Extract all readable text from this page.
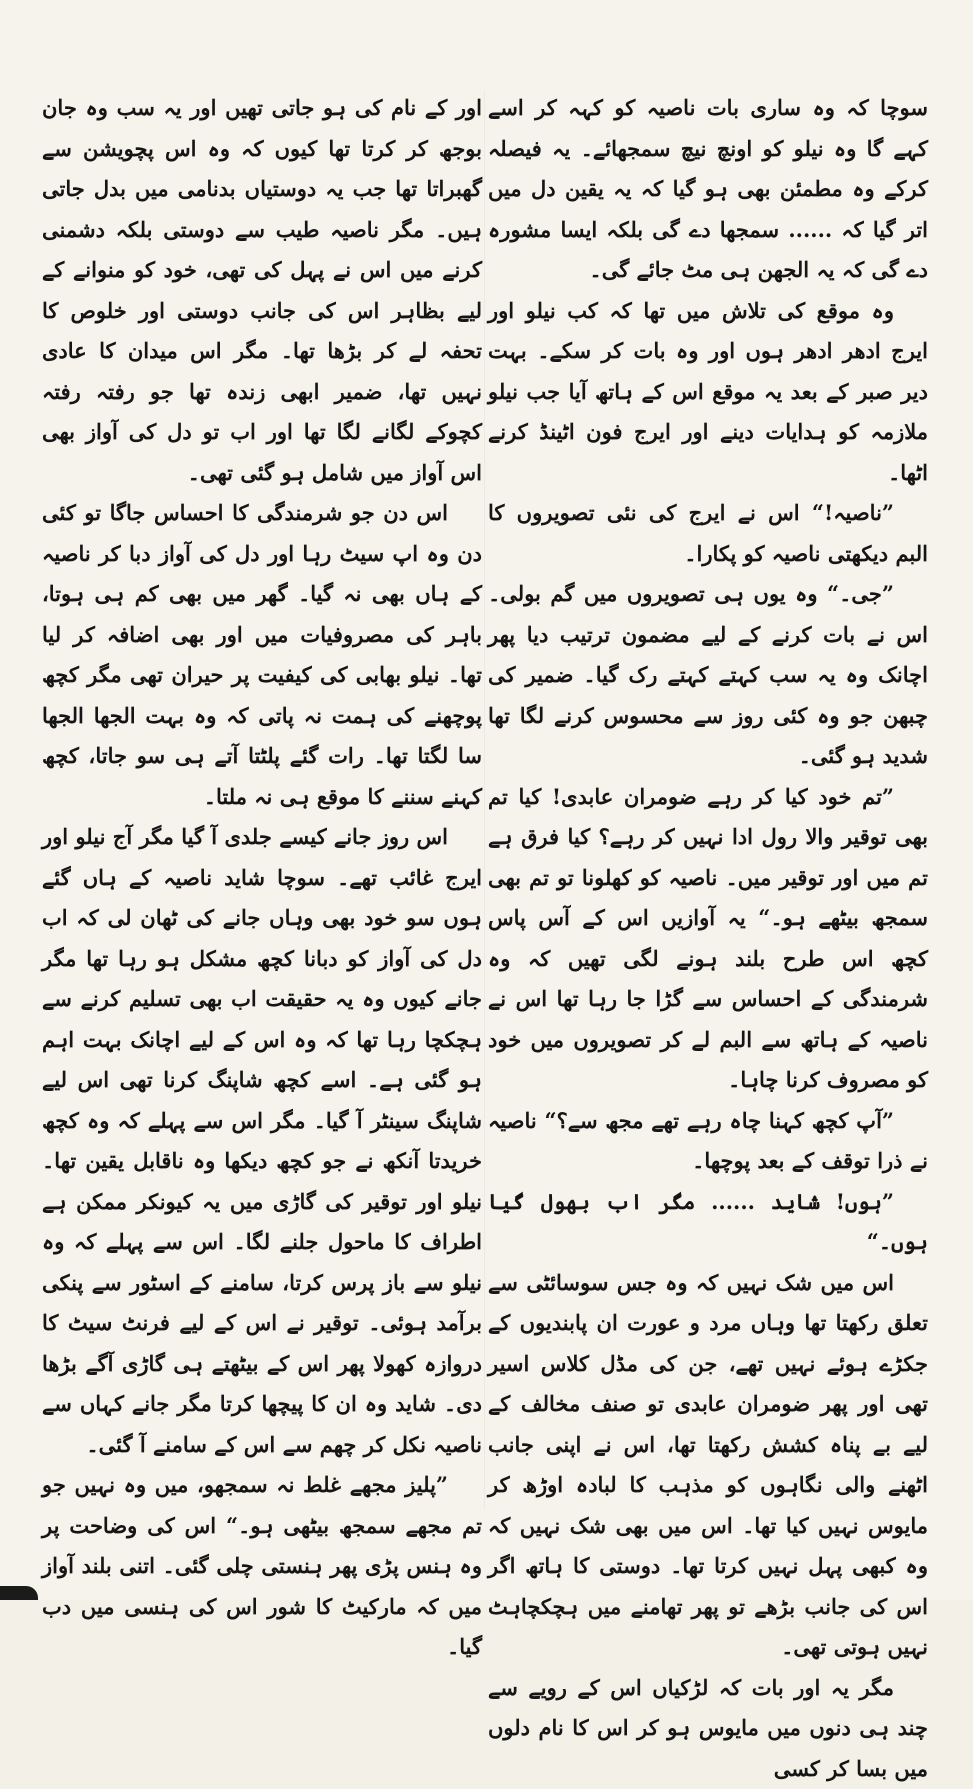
سوچا کہ وہ ساری بات ناصیہ کو کہہ کر اسے کہے گا وہ نیلو کو اونچ نیچ سمجھائے۔ یہ فیصلہ کرکے وہ مطمئن بھی ہو گیا کہ یہ یقین دل میں اتر گیا کہ ...... سمجھا دے گی بلکہ ایسا مشورہ دے گی کہ یہ الجھن ہی مٹ جائے گی۔

وہ موقع کی تلاش میں تھا کہ کب نیلو اور ایرج ادھر ادھر ہوں اور وہ بات کر سکے۔ بہت دیر صبر کے بعد یہ موقع اس کے ہاتھ آیا جب نیلو ملازمہ کو ہدایات دینے اور ایرج فون اٹینڈ کرنے اٹھا۔

”ناصیہ!“ اس نے ایرج کی نئی تصویروں کا البم دیکھتی ناصیہ کو پکارا۔

”جی۔“ وہ یوں ہی تصویروں میں گم بولی۔ اس نے بات کرنے کے لیے مضمون ترتیب دیا پھر اچانک وہ یہ سب کہتے کہتے رک گیا۔ ضمیر کی چبھن جو وہ کئی روز سے محسوس کرنے لگا تھا شدید ہو گئی۔

”تم خود کیا کر رہے ضومران عابدی! کیا تم بھی توقیر والا رول ادا نہیں کر رہے؟ کیا فرق ہے تم میں اور توقیر میں۔ ناصیہ کو کھلونا تو تم بھی سمجھ بیٹھے ہو۔“ یہ آوازیں اس کے آس پاس کچھ اس طرح بلند ہونے لگی تھیں کہ وہ شرمندگی کے احساس سے گڑا جا رہا تھا اس نے ناصیہ کے ہاتھ سے البم لے کر تصویروں میں خود کو مصروف کرنا چاہا۔

”آپ کچھ کہنا چاہ رہے تھے مجھ سے؟“ ناصیہ نے ذرا توقف کے بعد پوچھا۔

”ہوں! شاید ...... مگر اب بھول گیا ہوں۔“

اس میں شک نہیں کہ وہ جس سوسائٹی سے تعلق رکھتا تھا وہاں مرد و عورت ان پابندیوں کے جکڑے ہوئے نہیں تھے، جن کی مڈل کلاس اسیر تھی اور پھر ضومران عابدی تو صنف مخالف کے لیے بے پناہ کشش رکھتا تھا، اس نے اپنی جانب اٹھنے والی نگاہوں کو مذہب کا لبادہ اوڑھ کر مایوس نہیں کیا تھا۔ اس میں بھی شک نہیں کہ وہ کبھی پہل نہیں کرتا تھا۔ دوستی کا ہاتھ اگر اس کی جانب بڑھے تو پھر تھامنے میں ہچکچاہٹ نہیں ہوتی تھی۔

مگر یہ اور بات کہ لڑکیاں اس کے رویے سے چند ہی دنوں میں مایوس ہو کر اس کا نام دلوں میں بسا کر کسی

اور کے نام کی ہو جاتی تھیں اور یہ سب وہ جان بوجھ کر کرتا تھا کیوں کہ وہ اس پچویشن سے گھبراتا تھا جب یہ دوستیاں بدنامی میں بدل جاتی ہیں۔ مگر ناصیہ طیب سے دوستی بلکہ دشمنی کرنے میں اس نے پہل کی تھی، خود کو منوانے کے لیے بظاہر اس کی جانب دوستی اور خلوص کا تحفہ لے کر بڑھا تھا۔ مگر اس میدان کا عادی نہیں تھا، ضمیر ابھی زندہ تھا جو رفتہ رفتہ کچوکے لگانے لگا تھا اور اب تو دل کی آواز بھی اس آواز میں شامل ہو گئی تھی۔

اس دن جو شرمندگی کا احساس جاگا تو کئی دن وہ اپ سیٹ رہا اور دل کی آواز دبا کر ناصیہ کے ہاں بھی نہ گیا۔ گھر میں بھی کم ہی ہوتا، باہر کی مصروفیات میں اور بھی اضافہ کر لیا تھا۔ نیلو بھابی کی کیفیت پر حیران تھی مگر کچھ پوچھنے کی ہمت نہ پاتی کہ وہ بہت الجھا الجھا سا لگتا تھا۔ رات گئے پلٹتا آتے ہی سو جاتا، کچھ کہنے سننے کا موقع ہی نہ ملتا۔

اس روز جانے کیسے جلدی آ گیا مگر آج نیلو اور ایرج غائب تھے۔ سوچا شاید ناصیہ کے ہاں گئے ہوں سو خود بھی وہاں جانے کی ٹھان لی کہ اب دل کی آواز کو دبانا کچھ مشکل ہو رہا تھا مگر جانے کیوں وہ یہ حقیقت اب بھی تسلیم کرنے سے ہچکچا رہا تھا کہ وہ اس کے لیے اچانک بہت اہم ہو گئی ہے۔ اسے کچھ شاپنگ کرنا تھی اس لیے شاپنگ سینٹر آ گیا۔ مگر اس سے پہلے کہ وہ کچھ خریدتا آنکھ نے جو کچھ دیکھا وہ ناقابل یقین تھا۔ نیلو اور توقیر کی گاڑی میں یہ کیونکر ممکن ہے اطراف کا ماحول جلنے لگا۔ اس سے پہلے کہ وہ نیلو سے باز پرس کرتا، سامنے کے اسٹور سے پنکی برآمد ہوئی۔ توقیر نے اس کے لیے فرنٹ سیٹ کا دروازہ کھولا پھر اس کے بیٹھتے ہی گاڑی آگے بڑھا دی۔ شاید وہ ان کا پیچھا کرتا مگر جانے کہاں سے ناصیہ نکل کر چھم سے اس کے سامنے آ گئی۔

”پلیز مجھے غلط نہ سمجھو، میں وہ نہیں جو تم مجھے سمجھ بیٹھی ہو۔“ اس کی وضاحت پر وہ ہنس پڑی پھر ہنستی چلی گئی۔ اتنی بلند آواز میں کہ مارکیٹ کا شور اس کی ہنسی میں دب گیا۔
